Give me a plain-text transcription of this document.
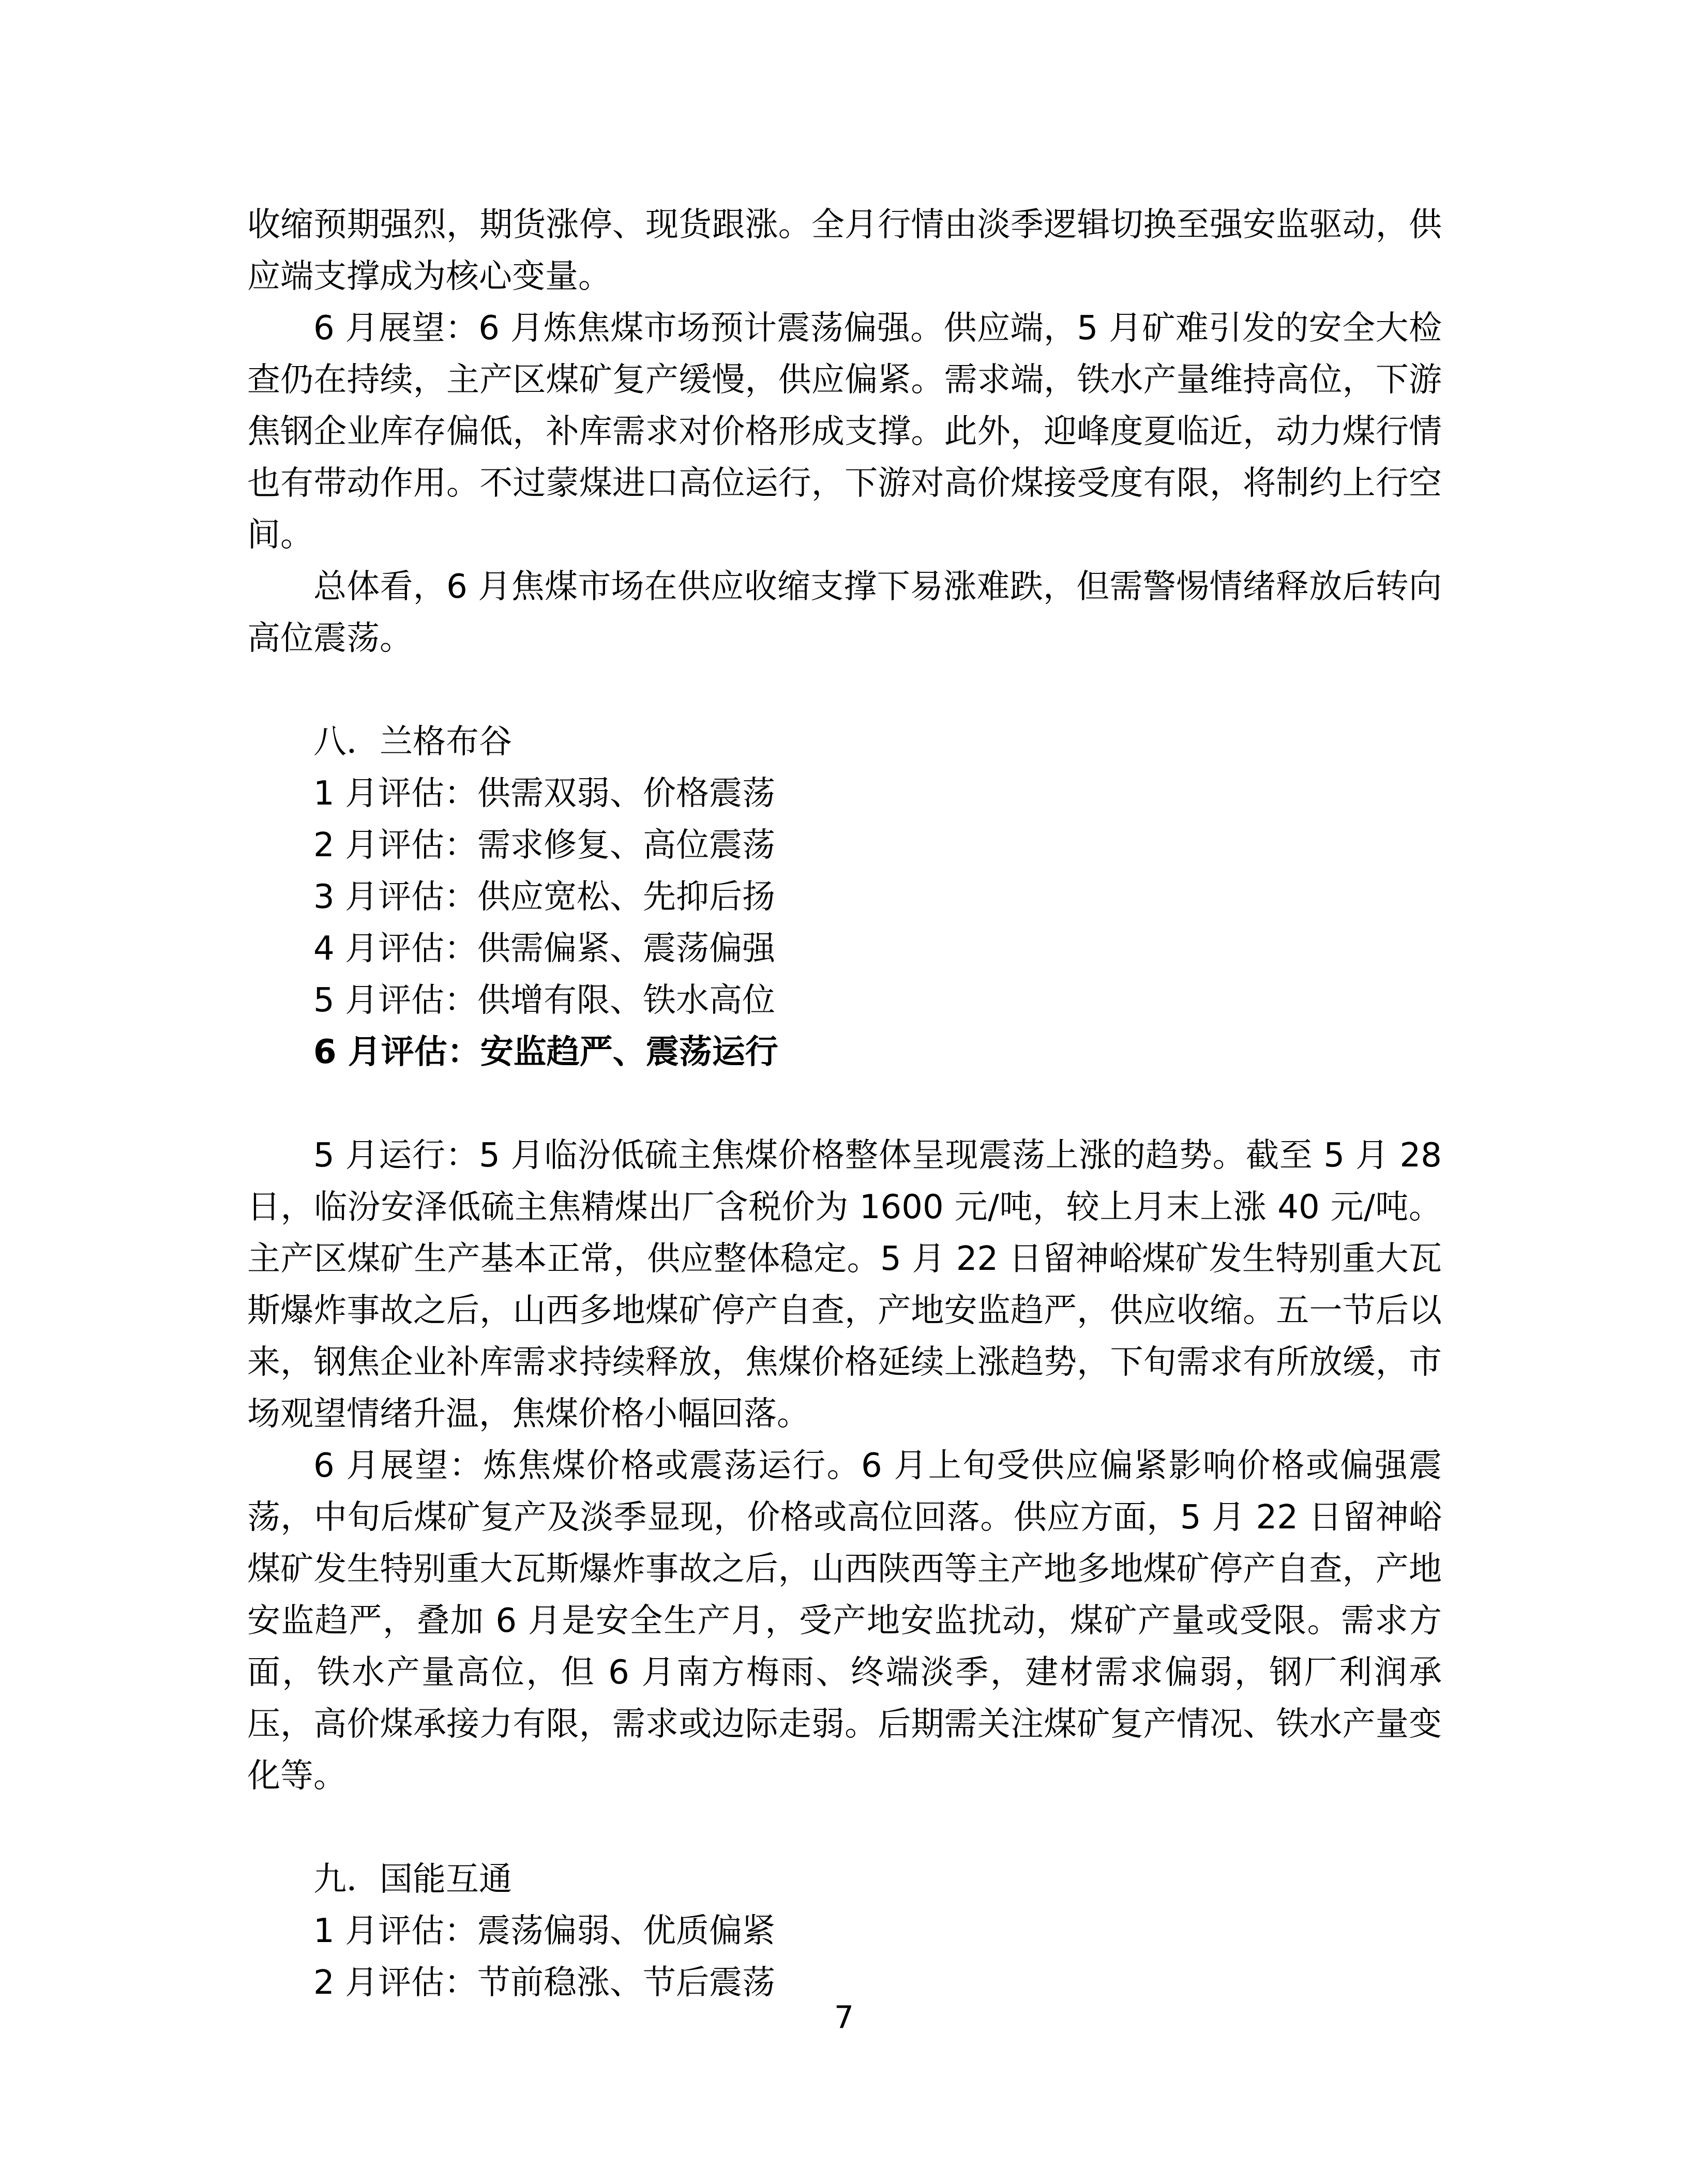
收缩预期强烈，期货涨停、现货跟涨。全月行情由淡季逻辑切换至强安监驱动，供应端支撑成为核心变量。

6 月展望：6 月炼焦煤市场预计震荡偏强。供应端，5 月矿难引发的安全大检查仍在持续，主产区煤矿复产缓慢，供应偏紧。需求端，铁水产量维持高位，下游焦钢企业库存偏低，补库需求对价格形成支撑。此外，迎峰度夏临近，动力煤行情也有带动作用。不过蒙煤进口高位运行，下游对高价煤接受度有限，将制约上行空间。

总体看，6 月焦煤市场在供应收缩支撑下易涨难跌，但需警惕情绪释放后转向高位震荡。

八．兰格布谷

1 月评估：供需双弱、价格震荡

2 月评估：需求修复、高位震荡

3 月评估：供应宽松、先抑后扬

4 月评估：供需偏紧、震荡偏强

5 月评估：供增有限、铁水高位

6 月评估：安监趋严、震荡运行

5 月运行：5 月临汾低硫主焦煤价格整体呈现震荡上涨的趋势。截至 5 月 28 日，临汾安泽低硫主焦精煤出厂含税价为 1600 元/吨，较上月末上涨 40 元/吨。主产区煤矿生产基本正常，供应整体稳定。5 月 22 日留神峪煤矿发生特别重大瓦斯爆炸事故之后，山西多地煤矿停产自查，产地安监趋严，供应收缩。五一节后以来，钢焦企业补库需求持续释放，焦煤价格延续上涨趋势，下旬需求有所放缓，市场观望情绪升温，焦煤价格小幅回落。

6 月展望：炼焦煤价格或震荡运行。6 月上旬受供应偏紧影响价格或偏强震荡，中旬后煤矿复产及淡季显现，价格或高位回落。供应方面，5 月 22 日留神峪煤矿发生特别重大瓦斯爆炸事故之后，山西陕西等主产地多地煤矿停产自查，产地安监趋严，叠加 6 月是安全生产月，受产地安监扰动，煤矿产量或受限。需求方面，铁水产量高位，但 6 月南方梅雨、终端淡季，建材需求偏弱，钢厂利润承压，高价煤承接力有限，需求或边际走弱。后期需关注煤矿复产情况、铁水产量变化等。

九．国能互通

1 月评估：震荡偏弱、优质偏紧

2 月评估：节前稳涨、节后震荡

7
